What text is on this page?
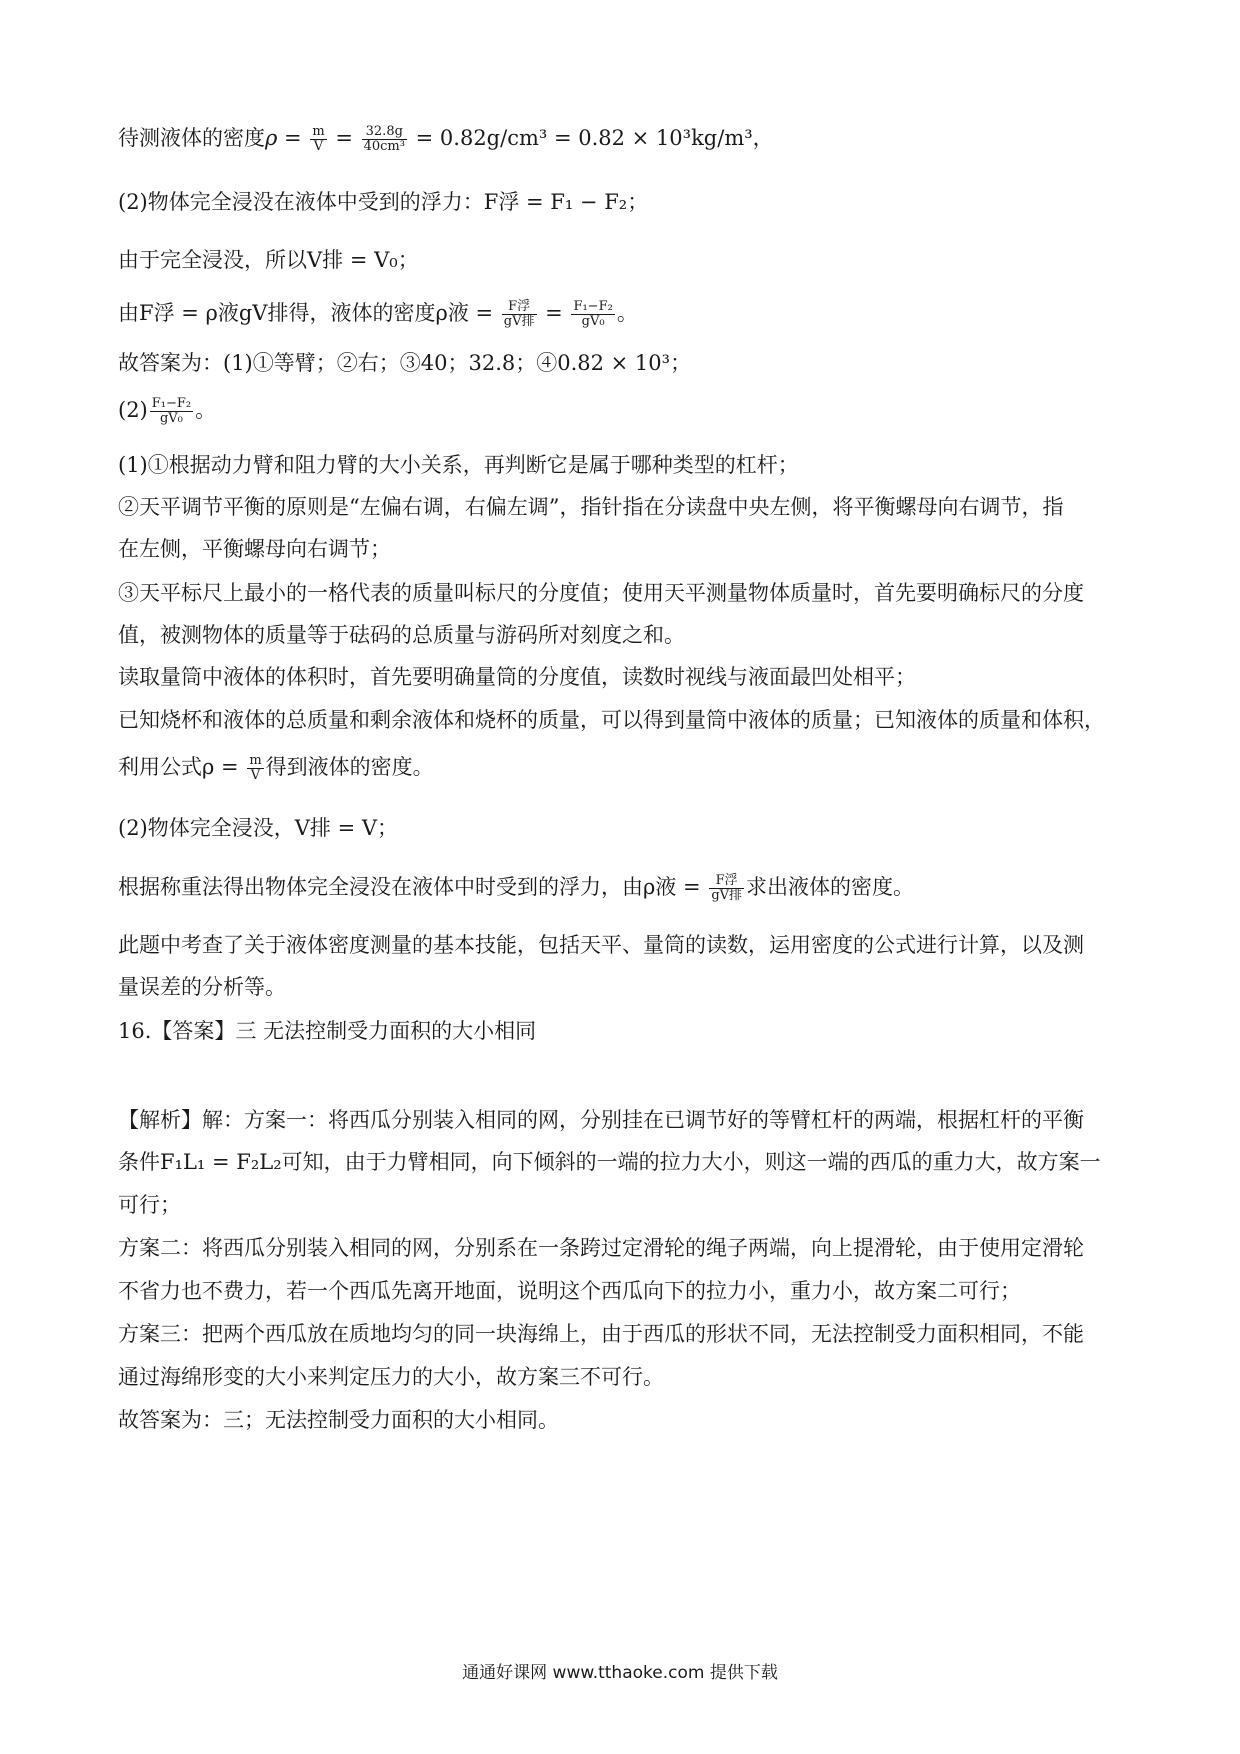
待测液体的密度$\rho = \frac{m}{V} = \frac{32.8g}{\text{40cm³}} = 0.82g/cm^3 = 0.82 \times 10^3kg/m^3$，
(2)物体完全浸没在液体中受到的浮力：F浮 = F₁ − F₂；
由于完全浸没，所以V排 = V₀；
由F浮 = ρ液gV排得，液体的密度ρ液 = $\frac{\text{F浮}}{\text{gV排}} = \frac{\text{F₁−F₂}}{\text{gV₀}}$ 。
故答案为：(1)①等臂；②右；③40；32.8；④0.82 × 10³；
$(2) \frac{\text{F₁−F₂}}{\text{gV₀}}$ 。
(1)①根据动力臂和阻力臂的大小关系，再判断它是属于哪种类型的杠杆；
②天平调节平衡的原则是“左偏右调，右偏左调”，指针指在分读盘中央左侧，将平衡螺母向右调节，指
在左侧，平衡螺母向右调节；
③天平标尺上最小的一格代表的质量叫标尺的分度值；使用天平测量物体质量时，首先要明确标尺的分度
值，被测物体的质量等于砝码的总质量与游码所对刻度之和。
读取量筒中液体的体积时，首先要明确量筒的分度值，读数时视线与液面最凹处相平；
已知烧杯和液体的总质量和剩余液体和烧杯的质量，可以得到量筒中液体的质量；已知液体的质量和体积，
利用公式$\rho = \frac{m}{V}$ 得到液体的密度。
(2)物体完全浸没，V排 = V；
根据称重法得出物体完全浸没在液体中时受到的浮力，由ρ液 = $\frac{\text{F浮}}{\text{gV排}}$ 求出液体的密度。
此题中考查了关于液体密度测量的基本技能，包括天平、量筒的读数，运用密度的公式进行计算，以及测
量误差的分析等。
16.【答案】三 无法控制受力面积的大小相同
【解析】解：方案一：将西瓜分别装入相同的网，分别挂在已调节好的等臂杠杆的两端，根据杠杆的平衡
条件F₁L₁ = F₂L₂可知，由于力臂相同，向下倾斜的一端的拉力大小，则这一端的西瓜的重力大，故方案一
可行；
方案二：将西瓜分别装入相同的网，分别系在一条跨过定滑轮的绳子两端，向上提滑轮，由于使用定滑轮
不省力也不费力，若一个西瓜先离开地面，说明这个西瓜向下的拉力小，重力小，故方案二可行；
方案三：把两个西瓜放在质地均匀的同一块海绵上，由于西瓜的形状不同，无法控制受力面积相同，不能
通过海绵形变的大小来判定压力的大小，故方案三不可行。
故答案为：三；无法控制受力面积的大小相同。
通通好课网 www.tthaoke.com 提供下载
